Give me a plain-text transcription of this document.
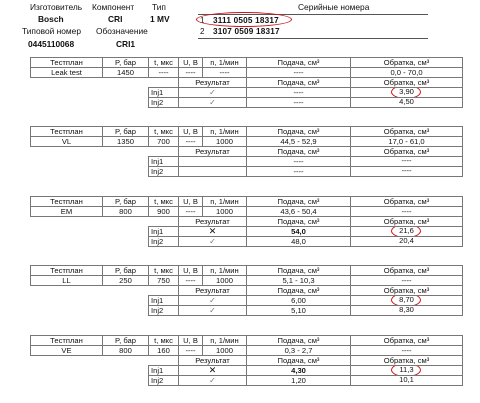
Изготовитель
Bosch
Компонент
CRI
Тип
1 MV
Типовой номер
0445110068
Обозначение
CRI1
Серийные номера
1 3111 0505 18317
2 3107 0509 18317
Тестплан	P, бар	t, мкс	U, В	n, 1/мин	Подача, см³	Обратка, см³
Leak test	1450	----	----	----	----	0,0 - 70,0
			Результат		Подача, см³	Обратка, см³
		Inj1	✓		----	3,90

		Inj2	✓		----	4,50
Тестплан	P, бар	t, мкс	U, В	n, 1/мин	Подача, см³	Обратка, см³
VL	1350	700	----	1000	44,5 - 52,9	17,0 - 61,0
			Результат		Подача, см³	Обратка, см³
		Inj1			----	----

		Inj2			----	----
Тестплан	P, бар	t, мкс	U, В	n, 1/мин	Подача, см³	Обратка, см³
EM	800	900	----	1000	43,6 - 50,4	----
			Результат		Подача, см³	Обратка, см³
		Inj1	✕		54,0	21,6

		Inj2	✓		48,0	20,4
Тестплан	P, бар	t, мкс	U, В	n, 1/мин	Подача, см³	Обратка, см³
LL	250	750	----	1000	5,1 - 10,3	----
			Результат		Подача, см³	Обратка, см³
		Inj1	✓		6,00	8,70

		Inj2	✓		5,10	8,30
Тестплан	P, бар	t, мкс	U, В	n, 1/мин	Подача, см³	Обратка, см³
VE	800	160	----	1000	0,3 - 2,7	----
			Результат		Подача, см³	Обратка, см³
		Inj1	✕		4,30	11,3

		Inj2	✓		1,20	10,1
